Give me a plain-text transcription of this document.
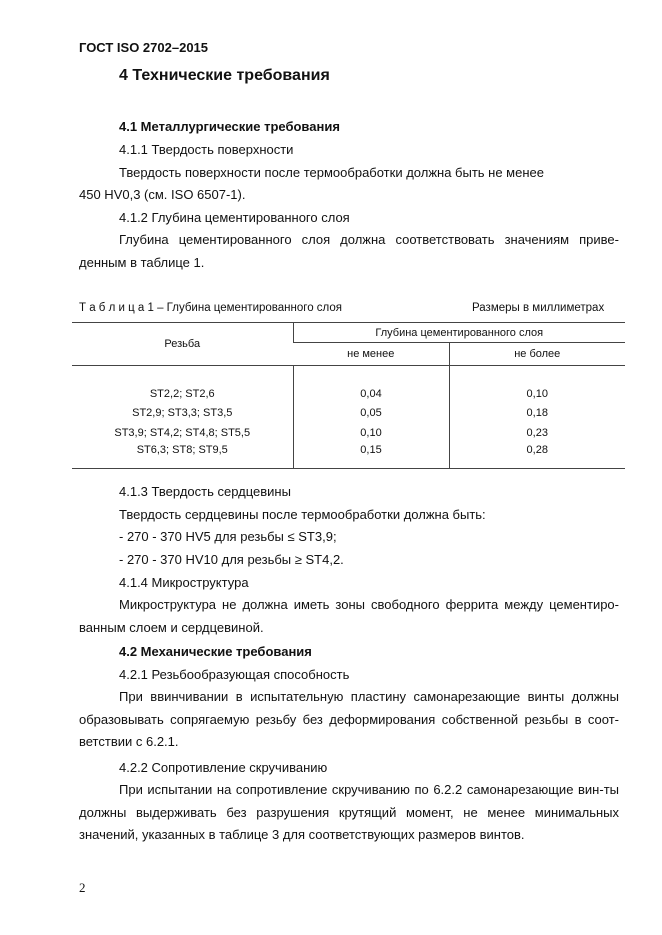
ГОСТ ISO 2702–2015
4 Технические требования
4.1 Металлургические требования
4.1.1 Твердость поверхности
Твердость поверхности после термообработки должна быть не менее
450 HV0,3 (см. ISO 6507-1).
4.1.2 Глубина цементированного слоя
Глубина цементированного слоя должна соответствовать значениям приве-денным в таблице 1.
Т а б л и ц а 1 – Глубина цементированного слоя	Размеры в миллиметрах
Резьба	Глубина цементированного слоя	
	не менее	не более

ST2,2; ST2,6	0,04	0,10
ST2,9; ST3,3; ST3,5	0,05	0,18
ST3,9; ST4,2; ST4,8; ST5,5	0,10	0,23
ST6,3; ST8; ST9,5	0,15	0,28
4.1.3 Твердость сердцевины
Твердость сердцевины после термообработки должна быть:
- 270 - 370 HV5 для резьбы ≤ ST3,9;
- 270 - 370 HV10 для резьбы ≥ ST4,2.
4.1.4 Микроструктура
Микроструктура не должна иметь зоны свободного феррита между цементиро-ванным слоем и сердцевиной.
4.2 Механические требования
4.2.1 Резьбообразующая способность
При ввинчивании в испытательную пластину самонарезающие винты должны образовывать сопрягаемую резьбу без деформирования собственной резьбы в соот-ветствии с 6.2.1.
4.2.2 Сопротивление скручиванию
При испытании на сопротивление скручиванию по 6.2.2 самонарезающие вин-ты должны выдерживать без разрушения крутящий момент, не менее минимальных значений, указанных в таблице 3 для соответствующих размеров винтов.
2
